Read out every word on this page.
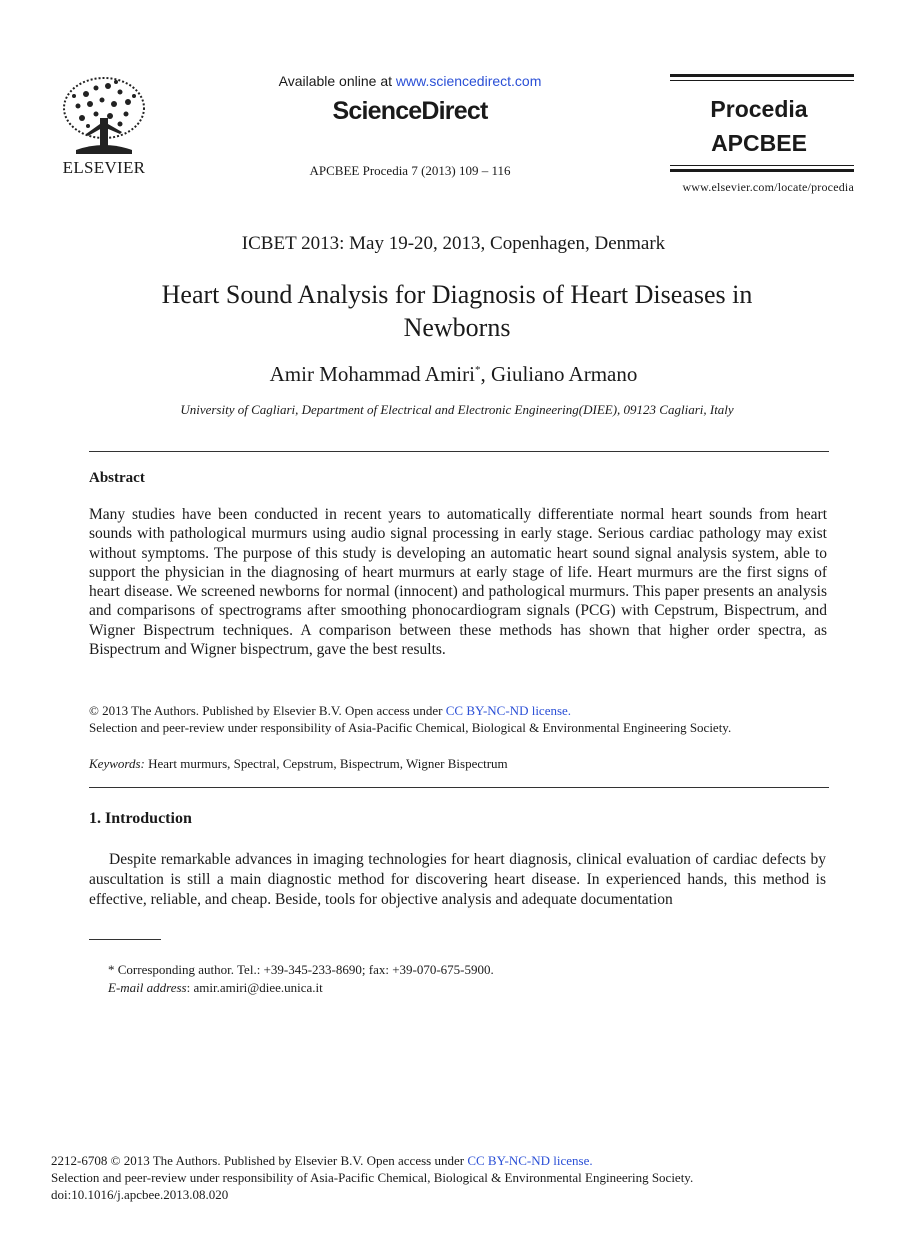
ELSEVIER
Available online at www.sciencedirect.com
ScienceDirect
APCBEE Procedia 7 (2013) 109 – 116
Procedia
APCBEE
www.elsevier.com/locate/procedia
ICBET 2013: May 19-20, 2013, Copenhagen, Denmark
Heart Sound Analysis for Diagnosis of Heart Diseases in
Newborns
Amir Mohammad Amiri*, Giuliano Armano
University of Cagliari, Department of Electrical and Electronic Engineering(DIEE), 09123 Cagliari, Italy
Abstract
Many studies have been conducted in recent years to automatically differentiate normal heart sounds from heart sounds with pathological murmurs using audio signal processing in early stage. Serious cardiac pathology may exist without symptoms. The purpose of this study is developing an automatic heart sound signal analysis system, able to support the physician in the diagnosing of heart murmurs at early stage of life. Heart murmurs are the first signs of heart disease. We screened newborns for normal (innocent) and pathological murmurs. This paper presents an analysis and comparisons of spectrograms after smoothing phonocardiogram signals (PCG) with Cepstrum, Bispectrum, and Wigner Bispectrum techniques. A comparison between these methods has shown that higher order spectra, as Bispectrum and Wigner bispectrum, gave the best results.
© 2013 The Authors. Published by Elsevier B.V. Open access under CC BY-NC-ND license.
Selection and peer-review under responsibility of Asia-Pacific Chemical, Biological & Environmental Engineering Society.
Keywords: Heart murmurs, Spectral, Cepstrum, Bispectrum, Wigner Bispectrum
1. Introduction
Despite remarkable advances in imaging technologies for heart diagnosis, clinical evaluation of cardiac defects by auscultation is still a main diagnostic method for discovering heart disease. In experienced hands, this method is effective, reliable, and cheap. Beside, tools for objective analysis and adequate documentation
* Corresponding author. Tel.: +39-345-233-8690; fax: +39-070-675-5900.
E-mail address: amir.amiri@diee.unica.it
2212-6708 © 2013 The Authors. Published by Elsevier B.V. Open access under CC BY-NC-ND license.
Selection and peer-review under responsibility of Asia-Pacific Chemical, Biological & Environmental Engineering Society.
doi:10.1016/j.apcbee.2013.08.020
